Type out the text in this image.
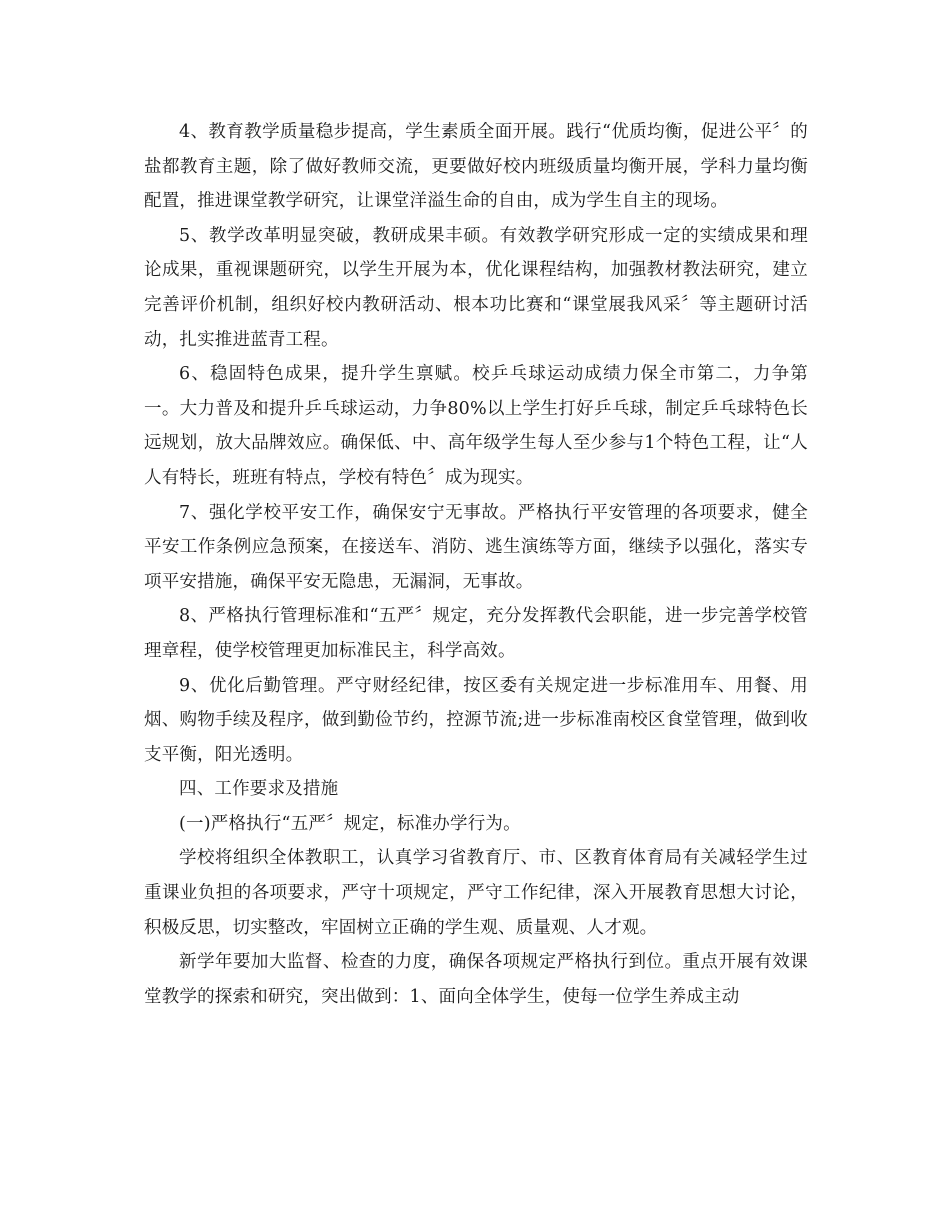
4、教育教学质量稳步提高，学生素质全面开展。践行“优质均衡，促进公平〞的盐都教育主题，除了做好教师交流，更要做好校内班级质量均衡开展，学科力量均衡配置，推进课堂教学研究，让课堂洋溢生命的自由，成为学生自主的现场。

5、教学改革明显突破，教研成果丰硕。有效教学研究形成一定的实绩成果和理论成果，重视课题研究，以学生开展为本，优化课程结构，加强教材教法研究，建立完善评价机制，组织好校内教研活动、根本功比赛和“课堂展我风采〞等主题研讨活动，扎实推进蓝青工程。

6、稳固特色成果，提升学生禀赋。校乒乓球运动成绩力保全市第二，力争第一。大力普及和提升乒乓球运动，力争80%以上学生打好乒乓球，制定乒乓球特色长远规划，放大品牌效应。确保低、中、高年级学生每人至少参与1个特色工程，让“人人有特长，班班有特点，学校有特色〞成为现实。

7、强化学校平安工作，确保安宁无事故。严格执行平安管理的各项要求，健全平安工作条例应急预案，在接送车、消防、逃生演练等方面，继续予以强化，落实专项平安措施，确保平安无隐患，无漏洞，无事故。

8、严格执行管理标准和“五严〞规定，充分发挥教代会职能，进一步完善学校管理章程，使学校管理更加标准民主，科学高效。

9、优化后勤管理。严守财经纪律，按区委有关规定进一步标准用车、用餐、用烟、购物手续及程序，做到勤俭节约，控源节流;进一步标准南校区食堂管理，做到收支平衡，阳光透明。

四、工作要求及措施

(一)严格执行“五严〞规定，标准办学行为。

学校将组织全体教职工，认真学习省教育厅、市、区教育体育局有关减轻学生过重课业负担的各项要求，严守十项规定，严守工作纪律，深入开展教育思想大讨论，积极反思，切实整改，牢固树立正确的学生观、质量观、人才观。

新学年要加大监督、检查的力度，确保各项规定严格执行到位。重点开展有效课堂教学的探索和研究，突出做到：1、面向全体学生，使每一位学生养成主动
